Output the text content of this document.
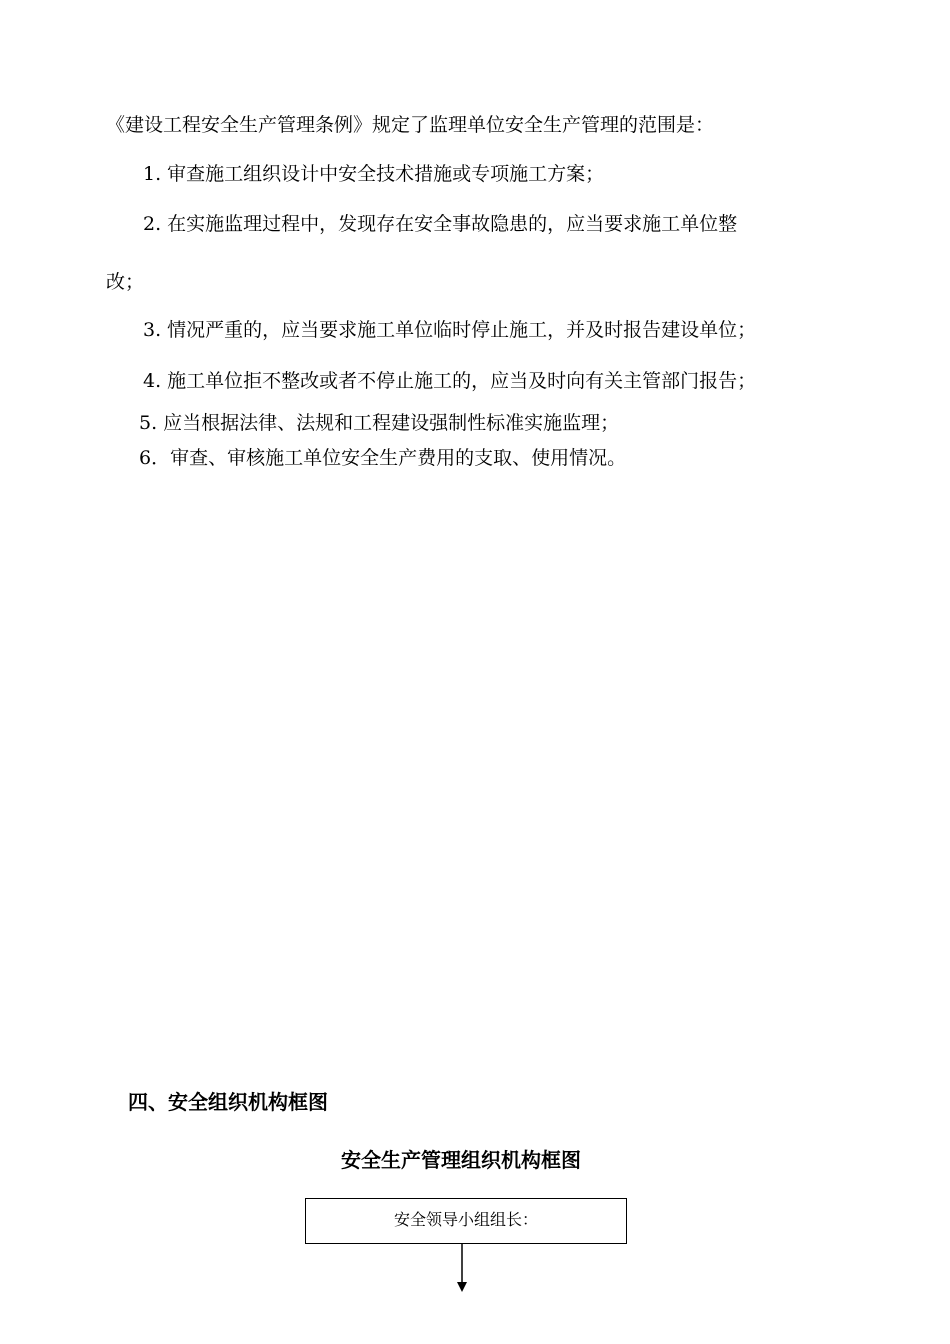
《建设工程安全生产管理条例》规定了监理单位安全生产管理的范围是：
1. 审查施工组织设计中安全技术措施或专项施工方案；
2. 在实施监理过程中，发现存在安全事故隐患的，应当要求施工单位整
改；
3. 情况严重的，应当要求施工单位临时停止施工，并及时报告建设单位；
4. 施工单位拒不整改或者不停止施工的，应当及时向有关主管部门报告；
5. 应当根据法律、法规和工程建设强制性标准实施监理；
6．审查、审核施工单位安全生产费用的支取、使用情况。
四、安全组织机构框图
安全生产管理组织机构框图
安全领导小组组长：
